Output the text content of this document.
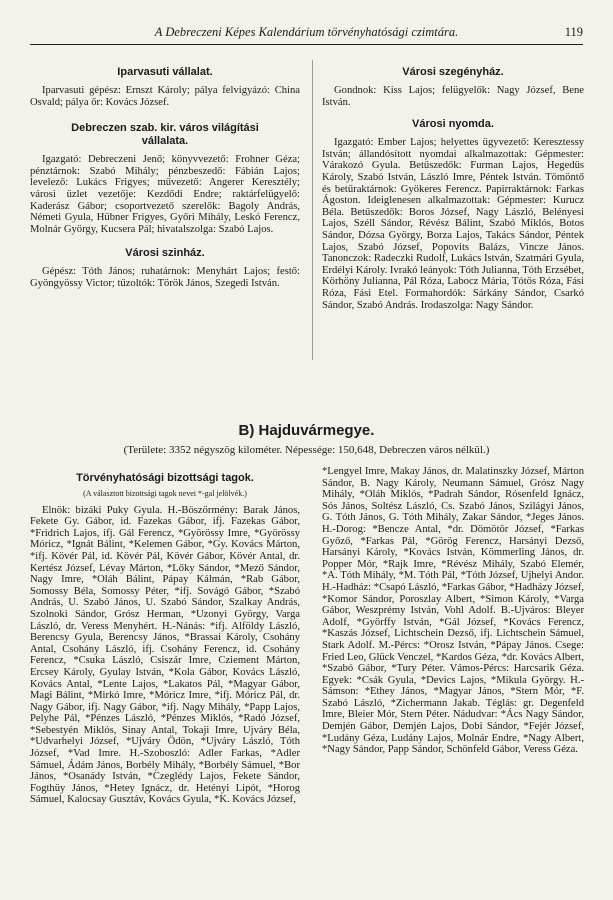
A Debreczeni Képes Kalendárium törvényhatósági czimtára.	119
Iparvasuti vállalat.

Iparvasuti gépész: Ernszt Károly; pálya felvigyázó: China Osvald; pálya őr: Kovács József.

Debreczen szab. kir. város világítási
vállalata.

Igazgató: Debreczeni Jenő; könyvvezető: Frohner Géza; pénztárnok: Szabó Mihály; pénzbeszedő: Fábián Lajos; levelező: Lukács Frigyes; művezető: Angerer Keresztély; városi üzlet vezetője: Kezdődi Endre; raktárfelügyelő: Kaderász Gábor; csoportvezető szerelők: Bagoly András, Németi Gyula, Hübner Frigyes, Győri Mihály, Leskó Ferencz, Molnár György, Kucsera Pál; hivatalszolga: Szabó Lajos.

Városi szinház.

Gépész: Tóth János; ruhatárnok: Menyhárt Lajos; festő: Gyöngyössy Victor; tűzoltók: Török János, Szegedi István.

Városi szegényház.

Gondnok: Kiss Lajos; felügyelők: Nagy József, Bene István.

Városi nyomda.

Igazgató: Ember Lajos; helyettes ügyvezető: Keresztessy István; állandósított nyomdai alkalmazottak: Gépmester: Várakozó Gyula. Betűszedők: Furman Lajos, Hegedüs Károly, Szabó István, László Imre, Péntek István. Tömöntő és betűraktárnok: Gyökeres Ferencz. Papirraktárnok: Farkas Ágoston. Ideiglenesen alkalmazottak: Gépmester: Kurucz Béla. Betűszedők: Boros József, Nagy László, Belényesi Lajos, Széll Sándor, Révész Bálint, Szabó Miklós, Botos Sándor, Dózsa György, Borza Lajos, Takács Sándor, Péntek Lajos, Szabó József, Popovits Balázs, Vincze János. Tanonczok: Radeczki Rudolf, Lukács István, Szatmári Gyula, Erdélyi Károly. Ivrakó leányok: Tóth Julianna, Tóth Erzsébet, Körhöny Julianna, Pál Róza, Labocz Mária, Tótös Róza, Fási Róza, Fási Etel. Formahordók: Sárkány Sándor, Csarkó Sándor, Szabó András. Irodaszolga: Nagy Sándor.

B) Hajduvármegye.
(Területe: 3352 négyszög kilométer. Népessége: 150,648, Debreczen város nélkül.)
Törvényhatósági bizottsági tagok.
(A választott bizottsági tagok nevei *-gal jelölvék.)

Elnök: bizáki Puky Gyula. H.-Böszörmény: Barak János, Fekete Gy. Gábor, id. Fazekas Gábor, ifj. Fazekas Gábor, *Fridrich Lajos, ifj. Gál Ferencz, *Györössy Imre, *Györössy Móricz, *Ignát Bálint, *Kelemen Gábor, *Gy. Kovács Márton, *ifj. Kövér Pál, id. Kövér Pál, Kövér Gábor, Kövér Antal, dr. Kertész József, Lévay Márton, *Lőky Sándor, *Mező Sándor, Nagy Imre, *Oláh Bálint, Pápay Kálmán, *Rab Gábor, Somossy Béla, Somossy Péter, *ifj. Sovágó Gábor, *Szabó András, U. Szabó János, U. Szabó Sándor, Szalkay András, Szolnoki Sándor, Grósz Herman, *Uzonyi György, Varga László, dr. Veress Menyhért. H.-Nánás: *ifj. Alföldy László, Berencsy Gyula, Berencsy János, *Brassai Károly, Csohány Antal, Csohány László, ifj. Csohány Ferencz, id. Csohány Ferencz, *Csuka László, Csiszár Imre, Cziement Márton, Ercsey Károly, Gyulay István, *Kola Gábor, Kovács László, Kovács Antal, *Lente Lajos, *Lakatos Pál, *Magyar Gábor, Magi Bálint, *Mirkó Imre, *Móricz Imre, *ifj. Móricz Pál, dr. Nagy Gábor, ifj. Nagy Gábor, *ifj. Nagy Mihály, *Papp Lajos, Pelyhe Pál, *Pénzes László, *Pénzes Miklós, *Radó József, *Sebestyén Miklós, Sinay Antal, Tokaji Imre, Ujváry Béla, *Udvarhelyi József, *Ujváry Ödön, *Ujváry László, Tóth József, *Vad Imre. H.-Szoboszló: Adler Farkas, *Adler Sámuel, Ádám János, Borbély Mihály, *Borbély Sámuel, *Bor János, *Osanády István, *Czeglédy Lajos, Fekete Sándor, Fogthüy János, *Hetey Ignácz, dr. Hetényi Lipót, *Horog Sámuel, Kalocsay Gusztáv, Kovács Gyula, *K. Kovács József,

*Lengyel Imre, Makay János, dr. Malatinszky József, Márton Sándor, B. Nagy Károly, Neumann Sámuel, Grósz Nagy Mihály, *Oláh Miklós, *Padrah Sándor, Rósenfeld Ignácz, Sós János, Soltész László, Cs. Szabó János, Szilágyi János, G. Tóth János, G. Tóth Mihály, Zakar Sándor, *Jeges János. H.-Dorog: *Bencze Antal, *dr. Dömötör József, *Farkas Győző, *Farkas Pál, *Görög Ferencz, Harsányi Dezső, Harsányi Károly, *Kovács István, Kömmerling János, dr. Popper Mór, *Rajk Imre, *Révész Mihály, Szabó Elemér, *A. Tóth Mihály, *M. Tóth Pál, *Tóth József, Ujhelyi Andor. H.-Hadház: *Csapó László, *Farkas Gábor, *Hadházy József, *Komor Sándor, Poroszlay Albert, *Simon Károly, *Varga Gábor, Weszprémy István, Vohl Adolf. B.-Ujváros: Bleyer Adolf, *Györffy István, *Gál József, *Kovács Ferencz, *Kaszás József, Lichtschein Dezső, ifj. Lichtschein Sámuel, Stark Adolf. M.-Pércs: *Orosz István, *Pápay János. Csege: Fried Leo, Glück Venczel, *Kardos Géza, *dr. Kovács Albert, *Szabó Gábor, *Tury Péter. Vámos-Pércs: Harcsarik Géza. Egyek: *Csák Gyula, *Devics Lajos, *Mikula György. H.-Sámson: *Ethey János, *Magyar János, *Stern Mór, *F. Szabó László, *Zichermann Jakab. Téglás: gr. Degenfeld Imre, Bleier Mór, Stern Péter. Nádudvar: *Ács Nagy Sándor, Demjén Gábor, Demjén Lajos, Dobi Sándor, *Fejér József, *Ludány Géza, Ludány Lajos, Molnár Endre, *Nagy Albert, *Nagy Sándor, Papp Sándor, Schönfeld Gábor, Veress Géza.
